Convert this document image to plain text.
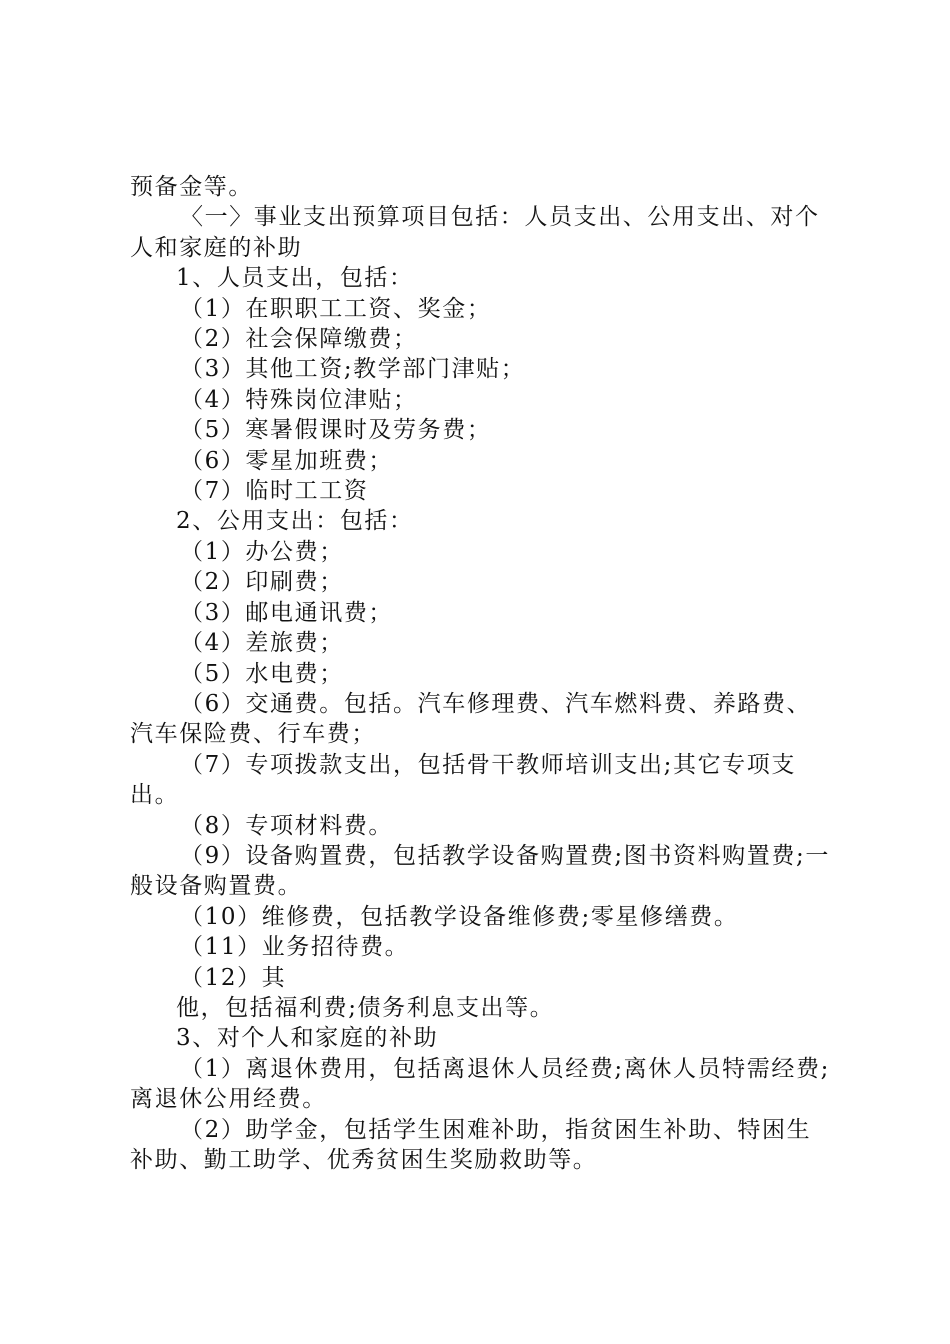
预备金等。

〈一〉事业支出预算项目包括：人员支出、公用支出、对个人和家庭的补助

1、人员支出，包括：

（1）在职职工工资、奖金；

（2）社会保障缴费；

（3）其他工资;教学部门津贴；

（4）特殊岗位津贴；

（5）寒暑假课时及劳务费；

（6）零星加班费；

（7）临时工工资

2、公用支出：包括：

（1）办公费；

（2）印刷费；

（3）邮电通讯费；

（4）差旅费；

（5）水电费；

（6）交通费。包括。汽车修理费、汽车燃料费、养路费、汽车保险费、行车费；

（7）专项拨款支出，包括骨干教师培训支出;其它专项支出。

（8）专项材料费。

（9）设备购置费，包括教学设备购置费;图书资料购置费;一般设备购置费。

（10）维修费，包括教学设备维修费;零星修缮费。

（11）业务招待费。

（12）其

他，包括福利费;债务利息支出等。

3、对个人和家庭的补助

（1）离退休费用，包括离退休人员经费;离休人员特需经费;离退休公用经费。

（2）助学金，包括学生困难补助，指贫困生补助、特困生补助、勤工助学、优秀贫困生奖励救助等。
